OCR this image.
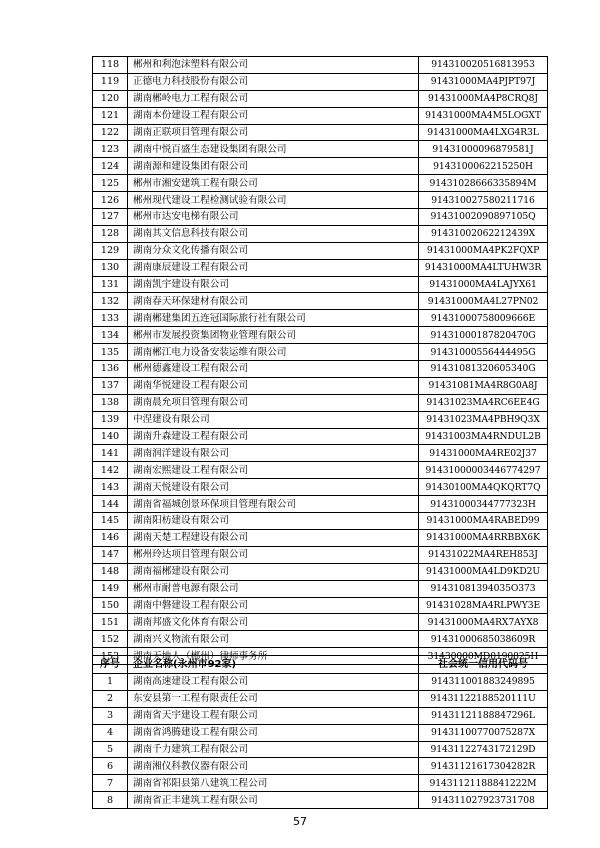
118	郴州和利泡沫塑料有限公司	914310020516813953
119	正德电力科技股份有限公司	91431000MA4PJPT97J
120	湖南郴岭电力工程有限公司	91431000MA4P8CRQ8J
121	湖南本份建设工程有限公司	91431000MA4M5LOGXT
122	湖南正联项目管理有限公司	91431000MA4LXG4R3L
123	湖南中悦百盛生态建设集团有限公司	91431000096879581J
124	湖南源和建设集团有限公司	9143100062215250H
125	郴州市湘安建筑工程有限公司	91431028666335894M
126	郴州现代建设工程检测试验有限公司	914310027580211716
127	郴州市达安电梯有限公司	91431002090897105Q
128	湖南其文信息科技有限公司	91431002062212439X
129	湖南分众文化传播有限公司	91431000MA4PK2FQXP
130	湖南康辰建设工程有限公司	91431000MA4LTUHW3R
131	湖南凯宇建设有限公司	91431000MA4LAJYX61
132	湖南春天环保建材有限公司	91431000MA4L27PN02
133	湖南郴建集团五连冠国际旅行社有限公司	91431000758009666E
134	郴州市发展投资集团物业管理有限公司	91431000187820470G
135	湖南郴江电力设备安装运维有限公司	91431000556444495G
136	郴州德鑫建设工程有限公司	91431081320605340G
137	湖南华悦建设工程有限公司	91431081MA4R8G0A8J
138	湖南晨允项目管理有限公司	91431023MA4RC6EE4G
139	中涅建设有限公司	91431023MA4PBH9Q3X
140	湖南升森建设工程有限公司	91431003MA4RNDUL2B
141	湖南润洋建设有限公司	91431000MA4RE02J37
142	湖南宏熙建设工程有限公司	91431000003446774297
143	湖南天悦建设有限公司	91430100MA4QKQRT7Q
144	湖南省福城创景环保项目管理有限公司	91431000344777323H
145	湖南阳枋建设有限公司	91431000MA4RABED99
146	湖南天楚工程建设有限公司	91431000MA4RRBBX6K
147	郴州玲达项目管理有限公司	91431022MA4REH853J
148	湖南福郴建设有限公司	91431000MA4LD9KD2U
149	郴州市耐普电源有限公司	91431081394035O373
150	湖南中磐建设工程有限公司	91431028MA4RLPWY3E
151	湖南邦盛文化体育有限公司	91431000MA4RX7AYX8
152	湖南兴义物流有限公司	91431000685038609R
153	湖南天地人（郴州）律师事务所	31430000MD0190825H
序号	企业名称(永州市92家)	社会统一信用代码号
1	湖南高速建设工程有限公司	914311001883249895
2	东安县第一工程有限责任公司	91431122188520111U
3	湖南省天宇建设工程有限公司	91431121188847296L
4	湖南省鸿腾建设工程有限公司	91431100770075287X
5	湖南千力建筑工程有限公司	91431122743172129D
6	湖南湘仪科教仪器有限公司	91431121617304282R
7	湖南省祁阳县第八建筑工程公司	91431121188841222M
8	湖南省正丰建筑工程有限公司	914311027923731708
57
